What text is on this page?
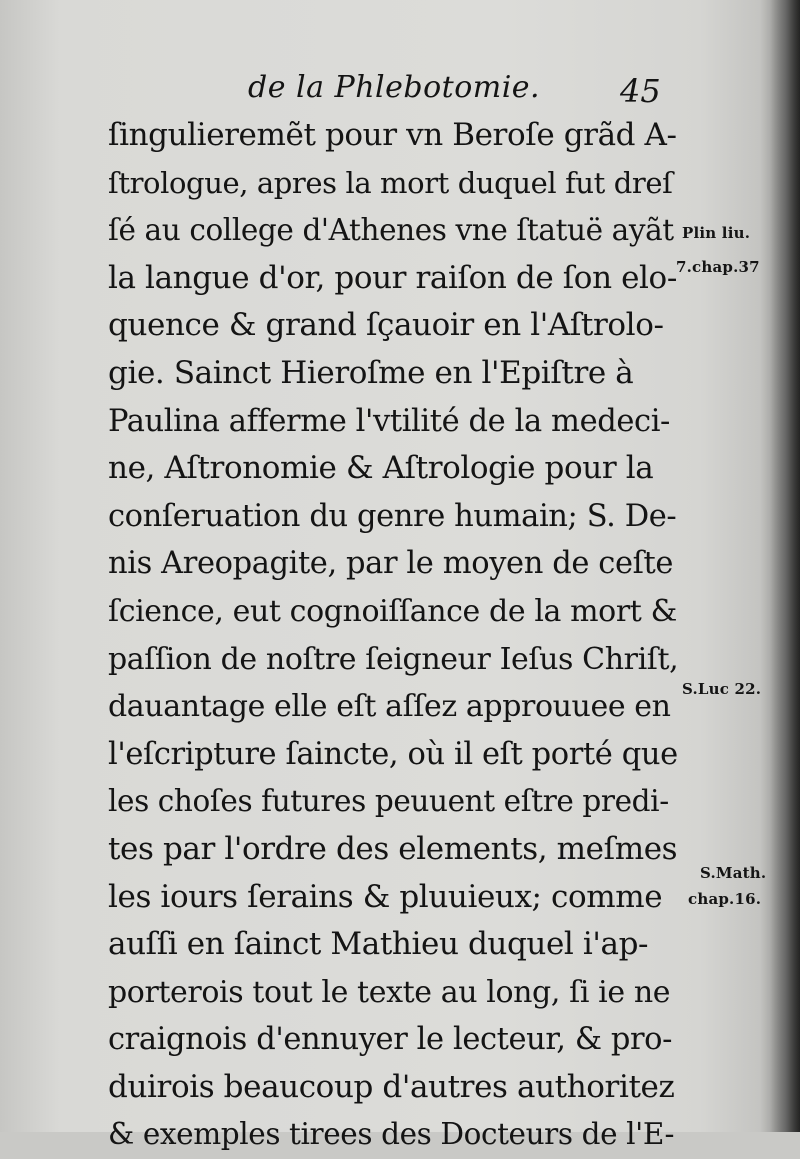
de la Phlebotomie. 45
ſingulieremẽt pour vn Beroſe grãd A-
ſtrologue, apres la mort duquel fut dreſ
ſé au college d'Athenes vne ſtatuë ayãt
la langue d'or, pour raiſon de ſon elo-
quence & grand ſçauoir en l'Aſtrolo-
gie. Sainct Hieroſme en l'Epiſtre à
Paulina afferme l'vtilité de la medeci-
ne, Aſtronomie & Aſtrologie pour la
conſeruation du genre humain; S. De-
nis Areopagite, par le moyen de ceſte
ſcience, eut cognoiſſance de la mort &
paſſion de noſtre ſeigneur Ieſus Chriſt,
dauantage elle eſt aſſez approuuee en
l'eſcripture ſaincte, où il eſt porté que
les choſes futures peuuent eſtre predi-
tes par l'ordre des elements, meſmes
les iours ſerains & pluuieux; comme
auſſi en ſainct Mathieu duquel i'ap-
porterois tout le texte au long, ſi ie ne
craignois d'ennuyer le lecteur, & pro-
duirois beaucoup d'autres authoritez
& exemples tirees des Docteurs de l'E-
Plin liu.
7.chap.37
S.Luc 22.
S.Math.
chap.16.
